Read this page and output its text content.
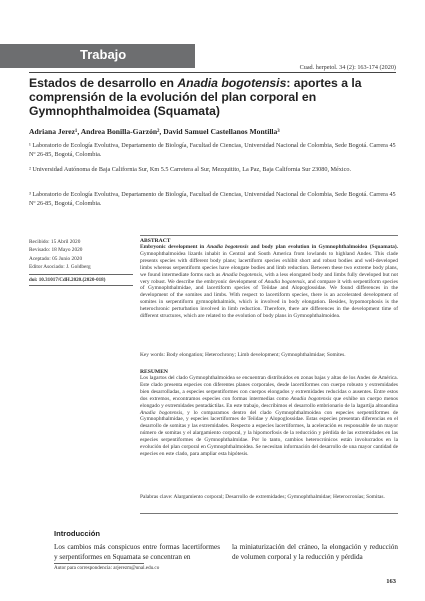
Trabajo
Cuad. herpetol. 34 (2): 163-174 (2020)
Estados de desarrollo en Anadia bogotensis: aportes a la comprensión de la evolución del plan corporal en Gymnophthalmoidea (Squamata)
Adriana Jerez¹, Andrea Bonilla-Garzón², David Samuel Castellanos Montilla³
¹ Laboratorio de Ecología Evolutiva, Departamento de Biología, Facultad de Ciencias, Universidad Nacional de Colombia, Sede Bogotá. Carrera 45 Nº 26-85, Bogotá, Colombia.
² Universidad Autónoma de Baja California Sur, Km 5.5 Carretera al Sur, Mezquitito, La Paz, Baja California Sur 23080, México.
³ Laboratorio de Ecología Evolutiva, Departamento de Biología, Facultad de Ciencias, Universidad Nacional de Colombia, Sede Bogotá. Carrera 45 Nº 26-85, Bogotá, Colombia.
Recibido: 15 Abril 2020
Revisado: 18 Mayo 2020
Aceptado: 05 Junio 2020
Editor Asociado: J. Goldberg
doi: 10.31017/CdH.2020.(2020-018)
ABSTRACT
Embryonic development in Anadia bogotensis and body plan evolution in Gymnophthalmoidea (Squamata). Gymnophthalmoidea lizards inhabit in Central and South America from lowlands to highland Andes. This clade presents species with different body plans; lacertiform species exhibit short and robust bodies and well-developed limbs whereas serpentiform species have elongate bodies and limb reduction. Between these two extreme body plans, we found intermediate forms such as Anadia bogotensis, with a less elongated body and limbs fully developed but not very robust. We describe the embryonic development of Anadia bogotensis, and compare it with serpentiform species of Gymnophthalmidae, and lacertiform species of Teiidae and Alopoglossidae. We found differences in the development of the somites and limbs. With respect to lacertiform species, there is an accelerated development of somites in serpentiform gymnophthalmids, which is involved in body elongation. Besides, hypomorphosis is the heterochronic perturbation involved in limb reduction. Therefore, there are differences in the development time of different structures, which are related to the evolution of body plans in Gymnophthalmoidea.
Key words: Body elongation; Heterochrony; Limb development; Gymnophthalmidae; Somites.
RESUMEN
Los lagartos del clado Gymnophthalmoidea se encuentran distribuidos en zonas bajas y altas de los Andes de América. Este clado presenta especies con diferentes planes corporales, desde lacertiformes con cuerpo robusto y extremidades bien desarrolladas, a especies serpentiformes con cuerpos elongados y extremidades reducidas o ausentes. Entre estos dos extremos, encontramos especies con formas intermedias como Anadia bogotensis que exhibe un cuerpo menos elongado y extremidades pentadáctilas. En este trabajo, describimos el desarrollo embrionario de la lagartija altoandina Anadia bogotensis, y lo comparamos dentro del clado Gymnophthalmoidea con especies serpentiformes de Gymnophthalmidae, y especies lacertiformes de Teiidae y Alopoglossidae. Estas especies presentan diferencias en el desarrollo de somitas y las extremidades. Respecto a especies lacertiformes, la aceleración es responsable de un mayor número de somitas y el alargamiento corporal, y la hipomorfosis de la reducción y pérdida de las extremidades en las especies serpentiformes de Gymnophthalmidae. Por lo tanto, cambios heterocrónicos están involucrados en la evolución del plan corporal en Gymnophthalmoidea. Se necesitan información del desarrollo de una mayor cantidad de especies en este clado, para ampliar esta hipótesis.
Palabras clave: Alargamiento corporal; Desarrollo de extremidades; Gymnophthalmidae; Heterocronías; Somitas.
Introducción
Los cambios más conspicuos entre formas lacertiformes y serpentiformes en Squamata se concentran en
la miniaturización del cráneo, la elongación y reducción de volumen corporal y la reducción y pérdida
Autor para correspondencia: arjerezm@unal.edu.co
163
